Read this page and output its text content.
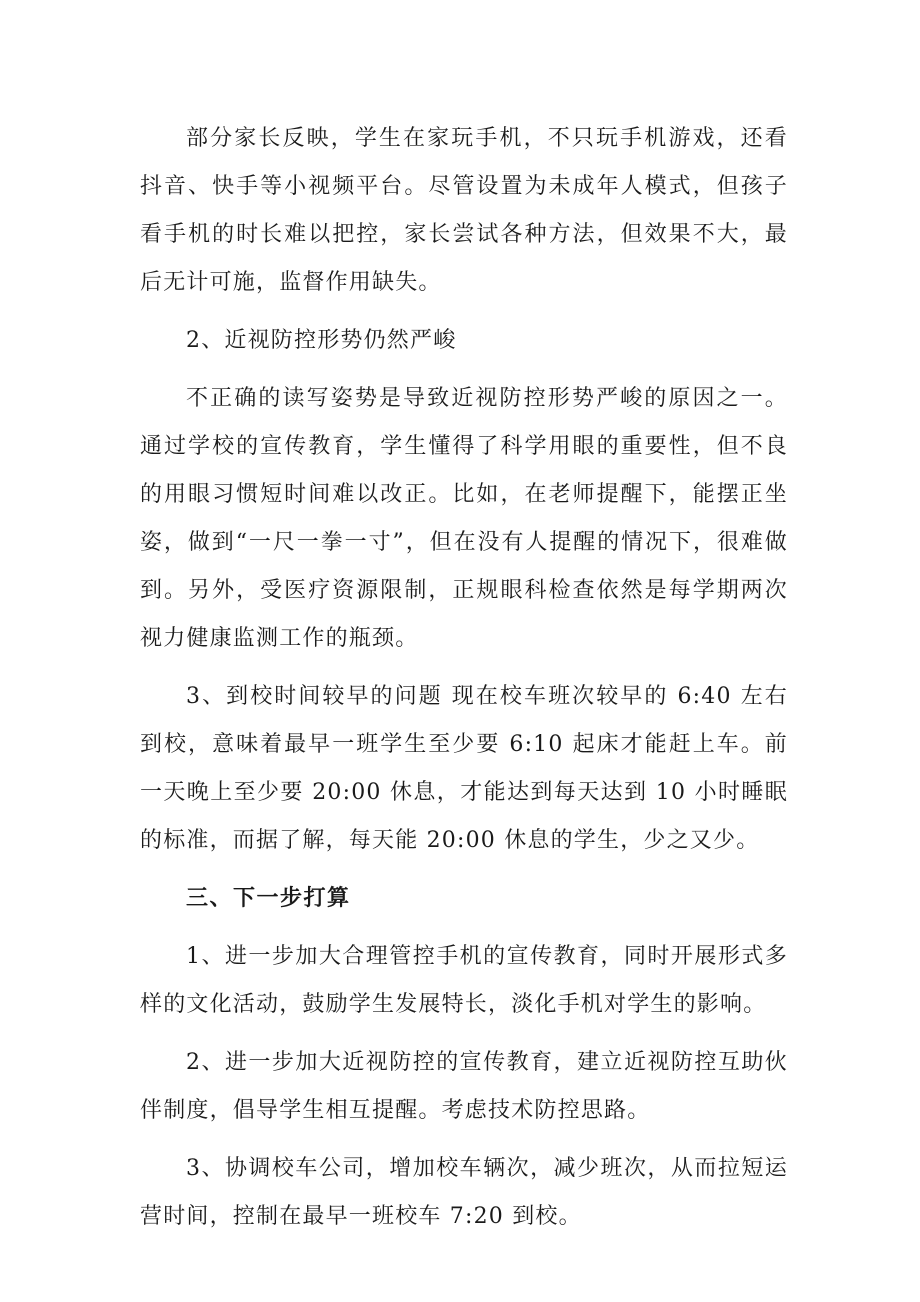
部分家长反映，学生在家玩手机，不只玩手机游戏，还看抖音、快手等小视频平台。尽管设置为未成年人模式，但孩子看手机的时长难以把控，家长尝试各种方法，但效果不大，最后无计可施，监督作用缺失。

2、近视防控形势仍然严峻

不正确的读写姿势是导致近视防控形势严峻的原因之一。通过学校的宣传教育，学生懂得了科学用眼的重要性，但不良的用眼习惯短时间难以改正。比如，在老师提醒下，能摆正坐姿，做到“一尺一拳一寸”，但在没有人提醒的情况下，很难做到。另外，受医疗资源限制，正规眼科检查依然是每学期两次视力健康监测工作的瓶颈。

3、到校时间较早的问题 现在校车班次较早的 6:40 左右到校，意味着最早一班学生至少要 6:10 起床才能赶上车。前一天晚上至少要 20:00 休息，才能达到每天达到 10 小时睡眠的标准，而据了解，每天能 20:00 休息的学生，少之又少。

三、下一步打算

1、进一步加大合理管控手机的宣传教育，同时开展形式多样的文化活动，鼓励学生发展特长，淡化手机对学生的影响。

2、进一步加大近视防控的宣传教育，建立近视防控互助伙伴制度，倡导学生相互提醒。考虑技术防控思路。

3、协调校车公司，增加校车辆次，减少班次，从而拉短运营时间，控制在最早一班校车 7:20 到校。
